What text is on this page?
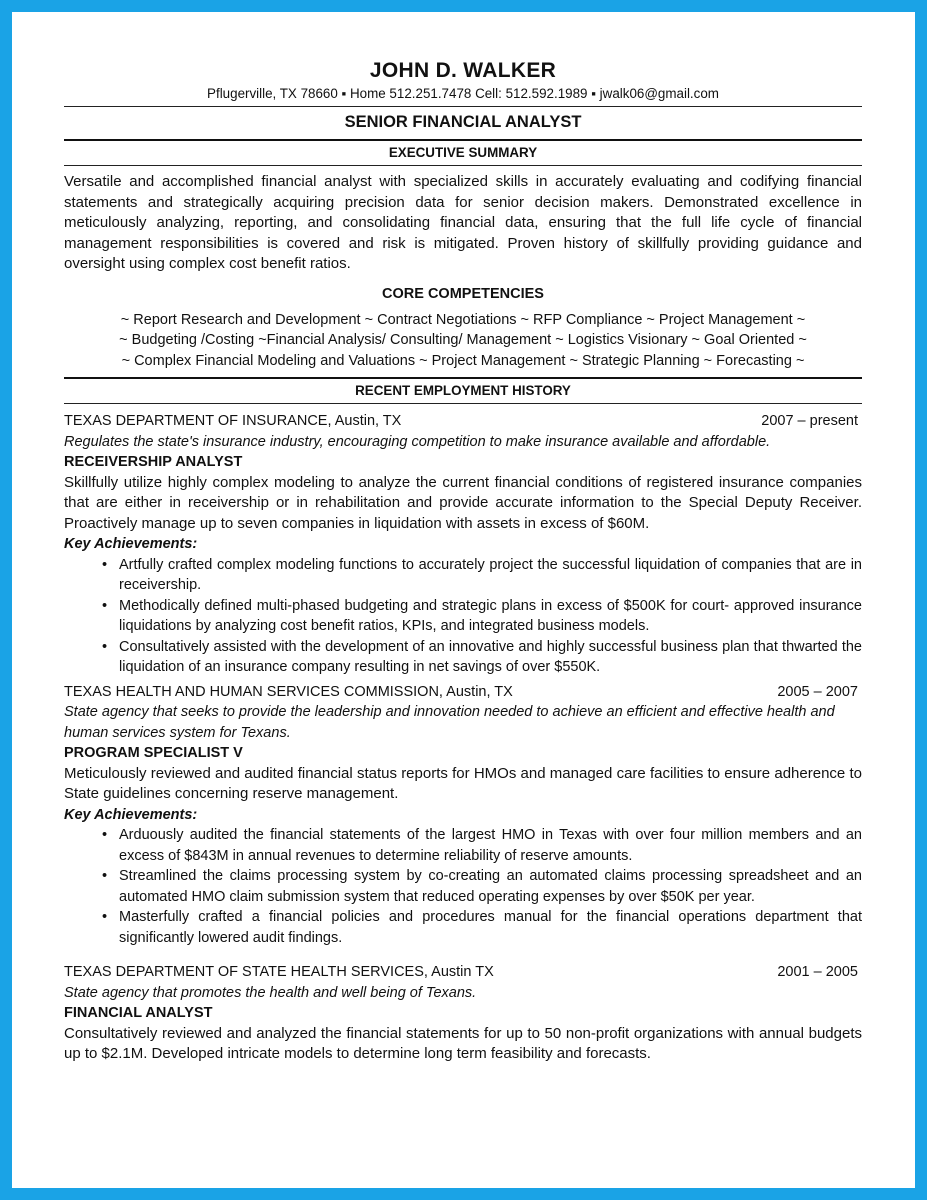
JOHN D. WALKER
Pflugerville, TX 78660 ▪ Home 512.251.7478 Cell: 512.592.1989 ▪ jwalk06@gmail.com
SENIOR FINANCIAL ANALYST
EXECUTIVE SUMMARY

Versatile and accomplished financial analyst with specialized skills in accurately evaluating and codifying financial statements and strategically acquiring precision data for senior decision makers. Demonstrated excellence in meticulously analyzing, reporting, and consolidating financial data, ensuring that the full life cycle of financial management responsibilities is covered and risk is mitigated. Proven history of skillfully providing guidance and oversight using complex cost benefit ratios.

CORE COMPETENCIES
~ Report Research and Development ~ Contract Negotiations ~ RFP Compliance ~ Project Management ~
~ Budgeting /Costing ~Financial Analysis/ Consulting/ Management ~ Logistics Visionary ~ Goal Oriented ~
~ Complex Financial Modeling and Valuations ~ Project Management ~ Strategic Planning ~ Forecasting ~
RECENT EMPLOYMENT HISTORY
TEXAS DEPARTMENT OF INSURANCE, Austin, TX	2007 – present
Regulates the state's insurance industry, encouraging competition to make insurance available and affordable.
RECEIVERSHIP ANALYST

Skillfully utilize highly complex modeling to analyze the current financial conditions of registered insurance companies that are either in receivership or in rehabilitation and provide accurate information to the Special Deputy Receiver. Proactively manage up to seven companies in liquidation with assets in excess of $60M.

Key Achievements:
• Artfully crafted complex modeling functions to accurately project the successful liquidation of companies that are in receivership.
• Methodically defined multi-phased budgeting and strategic plans in excess of $500K for court- approved insurance liquidations by analyzing cost benefit ratios, KPIs, and integrated business models.
• Consultatively assisted with the development of an innovative and highly successful business plan that thwarted the liquidation of an insurance company resulting in net savings of over $550K.
TEXAS HEALTH AND HUMAN SERVICES COMMISSION, Austin, TX	2005 – 2007
State agency that seeks to provide the leadership and innovation needed to achieve an efficient and effective health and human services system for Texans.
PROGRAM SPECIALIST V

Meticulously reviewed and audited financial status reports for HMOs and managed care facilities to ensure adherence to State guidelines concerning reserve management.

Key Achievements:
• Arduously audited the financial statements of the largest HMO in Texas with over four million members and an excess of $843M in annual revenues to determine reliability of reserve amounts.
• Streamlined the claims processing system by co-creating an automated claims processing spreadsheet and an automated HMO claim submission system that reduced operating expenses by over $50K per year.
• Masterfully crafted a financial policies and procedures manual for the financial operations department that significantly lowered audit findings.
TEXAS DEPARTMENT OF STATE HEALTH SERVICES, Austin TX	2001 – 2005
State agency that promotes the health and well being of Texans.
FINANCIAL ANALYST

Consultatively reviewed and analyzed the financial statements for up to 50 non-profit organizations with annual budgets up to $2.1M. Developed intricate models to determine long term feasibility and forecasts.
